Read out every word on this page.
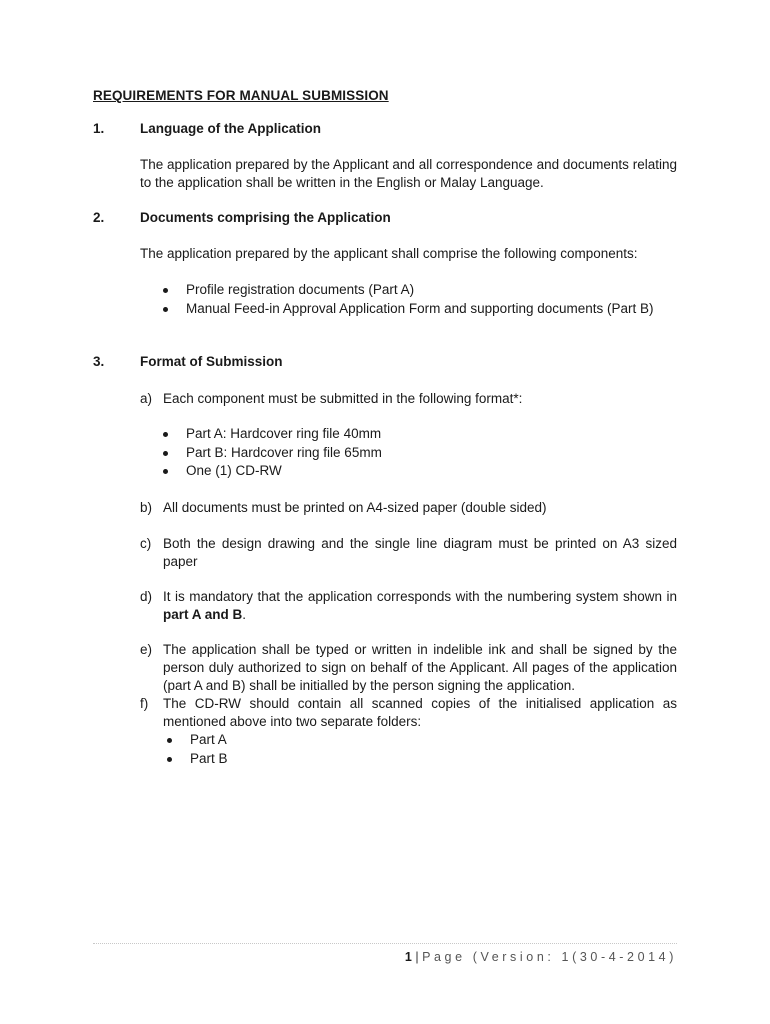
REQUIREMENTS FOR MANUAL SUBMISSION
1.	Language of the Application
The application prepared by the Applicant and all correspondence and documents relating to the application shall be written in the English or Malay Language.
2.	Documents comprising the Application
The application prepared by the applicant shall comprise the following components:
Profile registration documents (Part A)
Manual Feed-in Approval Application Form and supporting documents (Part B)
3.	Format of Submission
a) Each component must be submitted in the following format*:
Part A: Hardcover ring file 40mm
Part B: Hardcover ring file 65mm
One (1) CD-RW
b) All documents must be printed on A4-sized paper (double sided)
c) Both the design drawing and the single line diagram must be printed on A3 sized paper
d) It is mandatory that the application corresponds with the numbering system shown in part A and B.
e) The application shall be typed or written in indelible ink and shall be signed by the person duly authorized to sign on behalf of the Applicant. All pages of the application (part A and B) shall be initialled by the person signing the application.
f) The CD-RW should contain all scanned copies of the initialised application as mentioned above into two separate folders:
Part A
Part B
1 | Page (Version: 1(30-4-2014)
